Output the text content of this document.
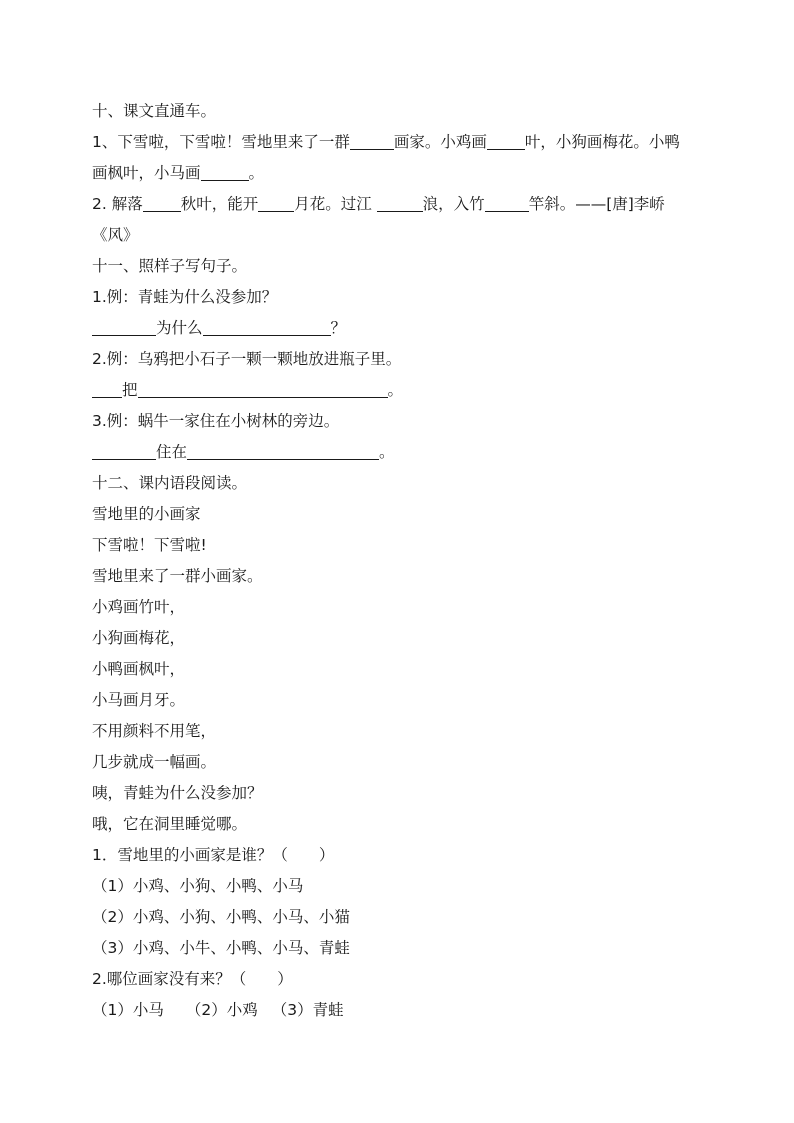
十、课文直通车。
1、下雪啦，下雪啦！雪地里来了一群	画家。小鸡画 叶，小狗画梅花。小鸭
画枫叶，小马画	。
2. 解落 秋叶，能开 月花。过江	浪，入竹	竿斜。——[唐]李峤
《风》
十一、照样子写句子。
1.例：青蛙为什么没参加？
为什么	？
2.例：乌鸦把小石子一颗一颗地放进瓶子里。
把	。
3.例：蜗牛一家住在小树林的旁边。
住在	。
十二、课内语段阅读。
雪地里的小画家
下雪啦！下雪啦!
雪地里来了一群小画家。
小鸡画竹叶，
小狗画梅花，
小鸭画枫叶，
小马画月牙。
不用颜料不用笔，
几步就成一幅画。
咦，青蛙为什么没参加？
哦，它在洞里睡觉哪。
1．雪地里的小画家是谁？（　　）
（1）小鸡、小狗、小鸭、小马
（2）小鸡、小狗、小鸭、小马、小猫
（3）小鸡、小牛、小鸭、小马、青蛙
2.哪位画家没有来？（　　）
（1）小马 （2）小鸡 （3）青蛙
